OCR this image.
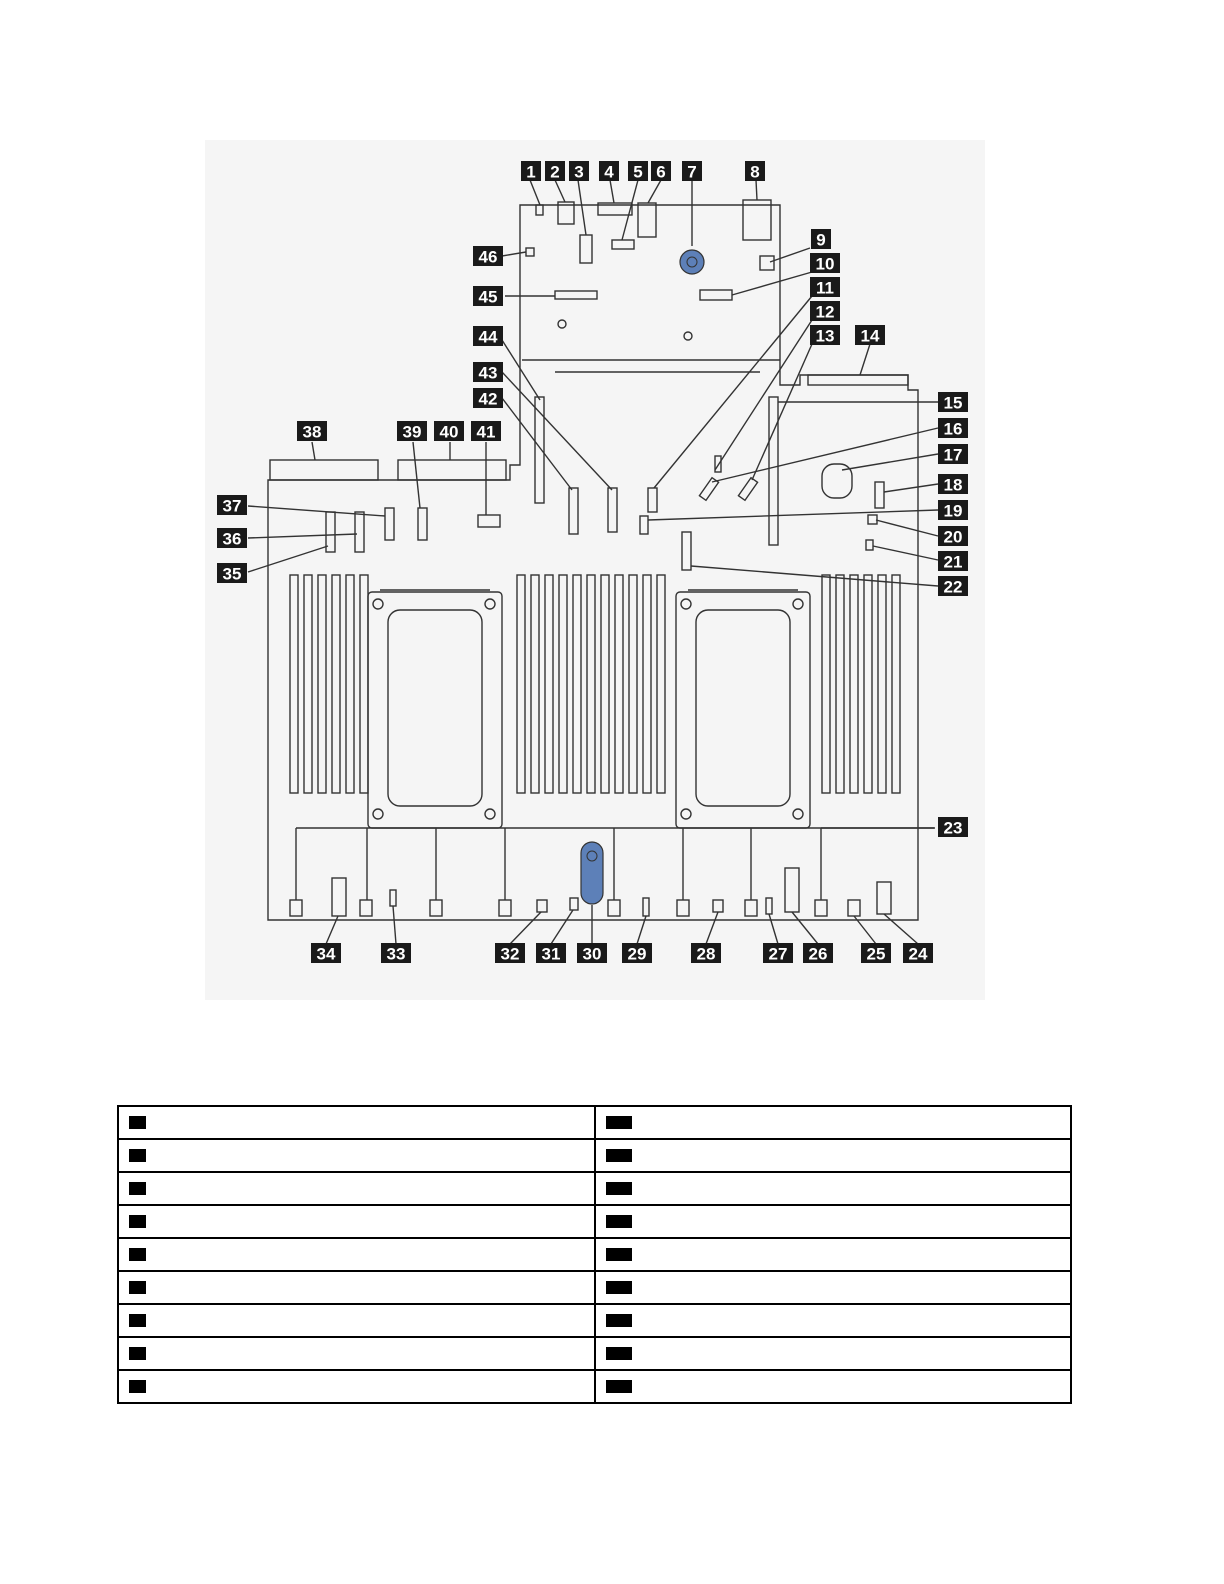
1 2 3 4 5 6 7	8
9
10
11
12
13 14
15
16
17
18
19
20
21
22
23
24
25
26
27
28
29
30
31
32
33
34
35
36
37
38	39 40 41
42
43
44
45
46
